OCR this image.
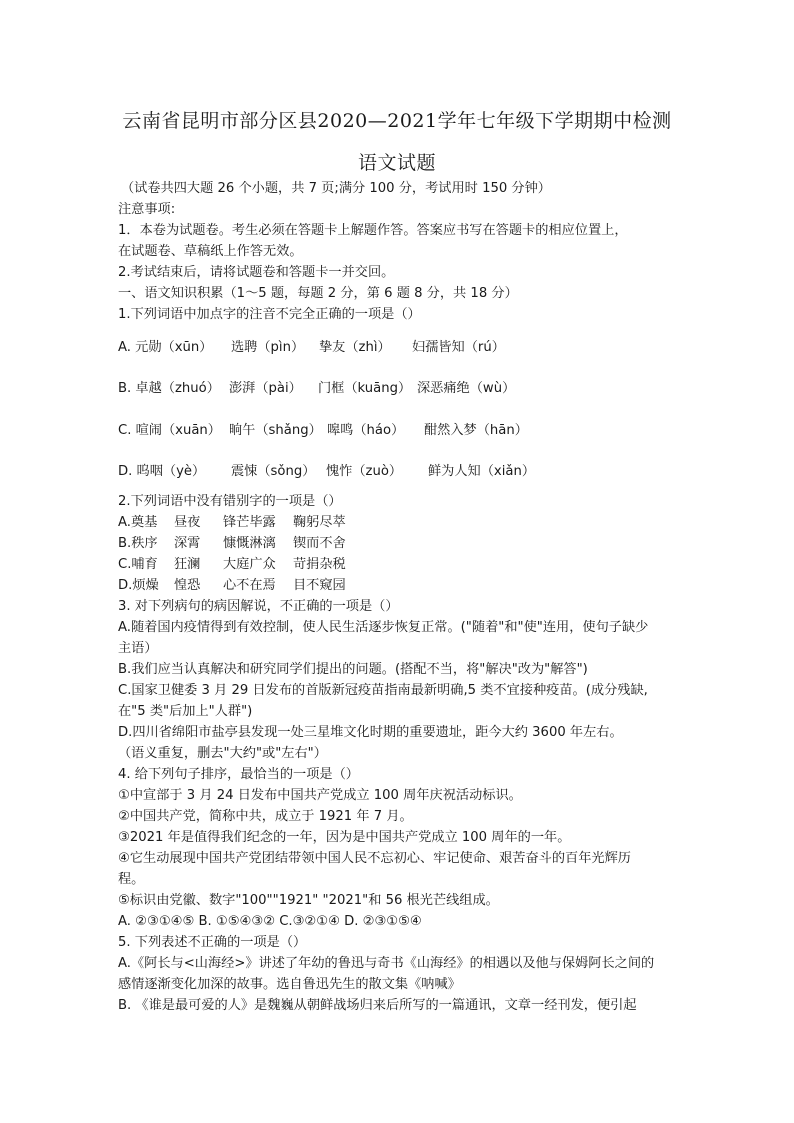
云南省昆明市部分区县2020—2021学年七年级下学期期中检测
语文试题
（试卷共四大题 26 个小题，共 7 页;满分 100 分，考试用时 150 分钟）
注意事项:
1．本卷为试题卷。考生必须在答题卡上解题作答。答案应书写在答题卡的相应位置上，
在试题卷、草稿纸上作答无效。
2.考试结束后，请将试题卷和答题卡一并交回。
一、语文知识积累（1～5 题，每题 2 分，第 6 题 8 分，共 18 分）
1.下列词语中加点字的注音不完全正确的一项是（）
A. 元勋（xūn） 选聘（pìn） 挚友（zhì） 妇孺皆知（rú）
B. 卓越（zhuó） 澎湃（pài） 门框（kuāng） 深恶痛绝（wù）
C. 喧闹（xuān） 晌午（shǎng） 嗥鸣（háo） 酣然入梦（hān）
D. 呜咽（yè） 震悚（sǒng） 愧怍（zuò） 鲜为人知（xiǎn）
2.下列词语中没有错别字的一项是（）
A.奠基 昼夜 锋芒毕露 鞠躬尽萃
B.秩序 深霄 慷慨淋漓 锲而不舍
C.哺育 狂澜 大庭广众 苛捐杂税
D.烦燥 惶恐 心不在焉 目不窥园
3. 对下列病句的病因解说，不正确的一项是（）
A.随着国内疫情得到有效控制，使人民生活逐步恢复正常。("随着"和"使"连用，使句子缺少
主语）
B.我们应当认真解决和研究同学们提出的问题。(搭配不当，将"解决"改为"解答")
C.国家卫健委 3 月 29 日发布的首版新冠疫苗指南最新明确,5 类不宜接种疫苗。(成分残缺,
在"5 类"后加上"人群")
D.四川省绵阳市盐亭县发现一处三星堆文化时期的重要遗址，距今大约 3600 年左右。
（语义重复，删去"大约"或"左右"）
4. 给下列句子排序，最恰当的一项是（）
①中宣部于 3 月 24 日发布中国共产党成立 100 周年庆祝活动标识。
②中国共产党，简称中共，成立于 1921 年 7 月。
③2021 年是值得我们纪念的一年，因为是中国共产党成立 100 周年的一年。
④它生动展现中国共产党团结带领中国人民不忘初心、牢记使命、艰苦奋斗的百年光辉历
程。
⑤标识由党徽、数字"100""1921" "2021"和 56 根光芒线组成。
A. ②③①④⑤ B. ①⑤④③② C.③②①④ D. ②③①⑤④
5. 下列表述不正确的一项是（）
A.《阿长与<山海经>》讲述了年幼的鲁迅与奇书《山海经》的相遇以及他与保姆阿长之间的
感情逐渐变化加深的故事。选自鲁迅先生的散文集《呐喊》
B. 《谁是最可爱的人》是魏巍从朝鲜战场归来后所写的一篇通讯，文章一经刊发，便引起
